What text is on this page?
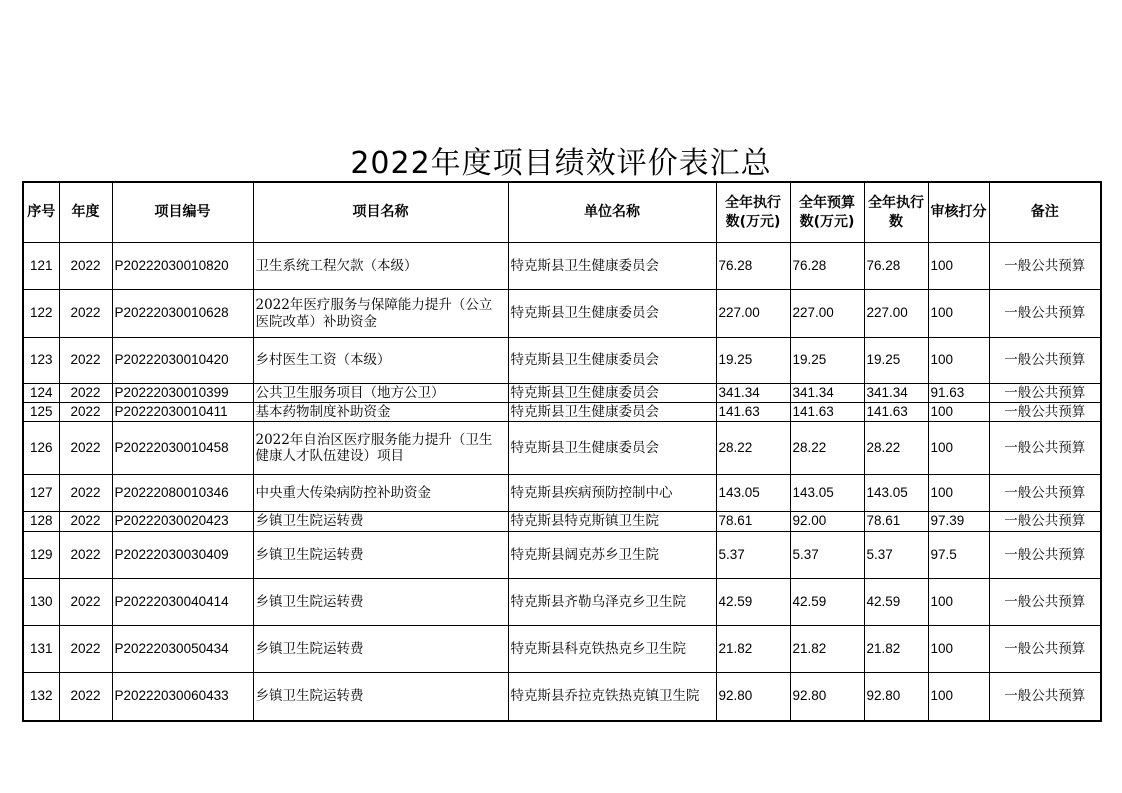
2022年度项目绩效评价表汇总
序号	年度	项目编号	项目名称	单位名称	全年执行数(万元)	全年预算数(万元)	全年执行数	审核打分	备注
121	2022	P20222030010820	卫生系统工程欠款（本级）	特克斯县卫生健康委员会	76.28	76.28	76.28	100	一般公共预算
122	2022	P20222030010628	2022年医疗服务与保障能力提升（公立医院改革）补助资金	特克斯县卫生健康委员会	227.00	227.00	227.00	100	一般公共预算
123	2022	P20222030010420	乡村医生工资（本级）	特克斯县卫生健康委员会	19.25	19.25	19.25	100	一般公共预算
124	2022	P20222030010399	公共卫生服务项目（地方公卫）	特克斯县卫生健康委员会	341.34	341.34	341.34	91.63	一般公共预算
125	2022	P20222030010411	基本药物制度补助资金	特克斯县卫生健康委员会	141.63	141.63	141.63	100	一般公共预算
126	2022	P20222030010458	2022年自治区医疗服务能力提升（卫生健康人才队伍建设）项目	特克斯县卫生健康委员会	28.22	28.22	28.22	100	一般公共预算
127	2022	P20222080010346	中央重大传染病防控补助资金	特克斯县疾病预防控制中心	143.05	143.05	143.05	100	一般公共预算
128	2022	P20222030020423	乡镇卫生院运转费	特克斯县特克斯镇卫生院	78.61	92.00	78.61	97.39	一般公共预算
129	2022	P20222030030409	乡镇卫生院运转费	特克斯县阔克苏乡卫生院	5.37	5.37	5.37	97.5	一般公共预算
130	2022	P20222030040414	乡镇卫生院运转费	特克斯县齐勒乌泽克乡卫生院	42.59	42.59	42.59	100	一般公共预算
131	2022	P20222030050434	乡镇卫生院运转费	特克斯县科克铁热克乡卫生院	21.82	21.82	21.82	100	一般公共预算
132	2022	P20222030060433	乡镇卫生院运转费	特克斯县乔拉克铁热克镇卫生院	92.80	92.80	92.80	100	一般公共预算
